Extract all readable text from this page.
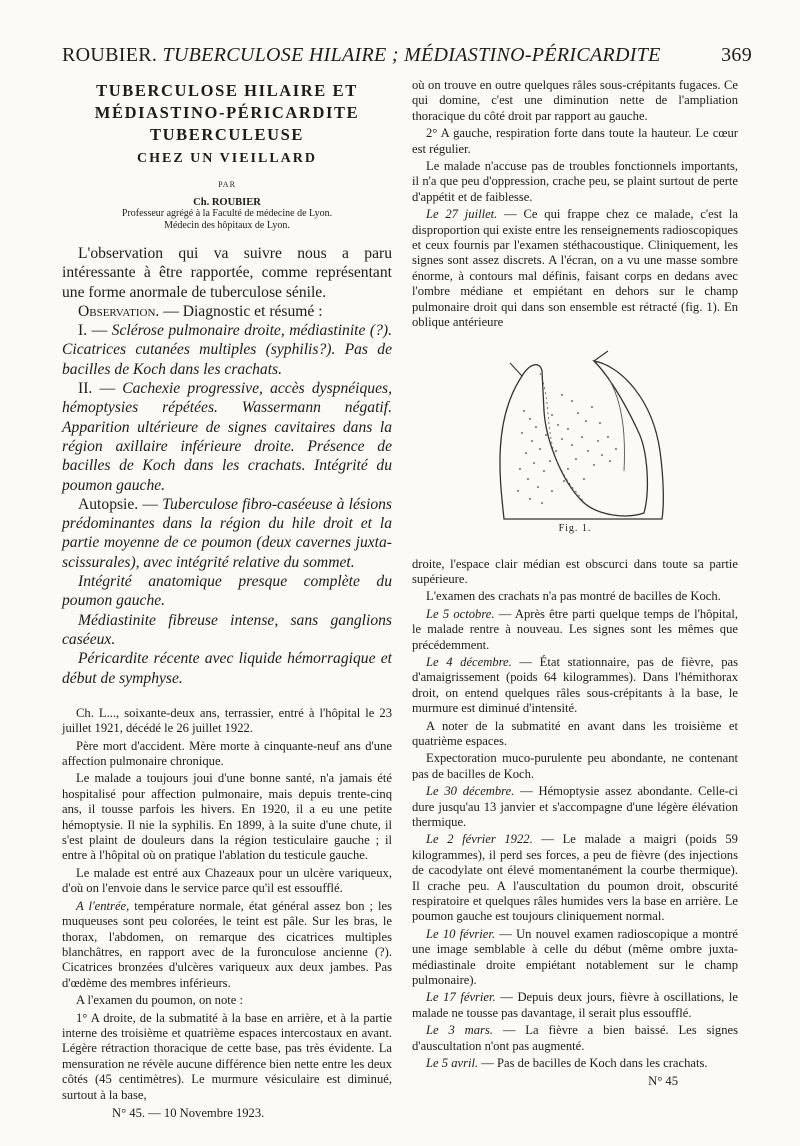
ROUBIER. TUBERCULOSE HILAIRE ; MÉDIASTINO-PÉRICARDITE	369
TUBERCULOSE HILAIRE ET
MÉDIASTINO-PÉRICARDITE
TUBERCULEUSE
CHEZ UN VIEILLARD
PAR
Ch. ROUBIER
Professeur agrégé à la Faculté de médecine de Lyon.
Médecin des hôpitaux de Lyon.

L'observation qui va suivre nous a paru intéressante à être rapportée, comme représentant une forme anormale de tuberculose sénile.

Observation. — Diagnostic et résumé :

I. — Sclérose pulmonaire droite, médiastinite (?). Cicatrices cutanées multiples (syphilis?). Pas de bacilles de Koch dans les crachats.

II. — Cachexie progressive, accès dyspnéiques, hémoptysies répétées. Wassermann négatif. Apparition ultérieure de signes cavitaires dans la région axillaire inférieure droite. Présence de bacilles de Koch dans les crachats. Intégrité du poumon gauche.

Autopsie. — Tuberculose fibro-caséeuse à lésions prédominantes dans la région du hile droit et la partie moyenne de ce poumon (deux cavernes juxta-scissurales), avec intégrité relative du sommet.

Intégrité anatomique presque complète du poumon gauche.

Médiastinite fibreuse intense, sans ganglions caséeux.

Péricardite récente avec liquide hémorragique et début de symphyse.

Ch. L..., soixante-deux ans, terrassier, entré à l'hôpital le 23 juillet 1921, décédé le 26 juillet 1922.

Père mort d'accident. Mère morte à cinquante-neuf ans d'une affection pulmonaire chronique.

Le malade a toujours joui d'une bonne santé, n'a jamais été hospitalisé pour affection pulmonaire, mais depuis trente-cinq ans, il tousse parfois les hivers. En 1920, il a eu une petite hémoptysie. Il nie la syphilis. En 1899, à la suite d'une chute, il s'est plaint de douleurs dans la région testiculaire gauche ; il entre à l'hôpital où on pratique l'ablation du testicule gauche.

Le malade est entré aux Chazeaux pour un ulcère variqueux, d'où on l'envoie dans le service parce qu'il est essoufflé.

A l'entrée, température normale, état général assez bon ; les muqueuses sont peu colorées, le teint est pâle. Sur les bras, le thorax, l'abdomen, on remarque des cicatrices multiples blanchâtres, en rapport avec de la furonculose ancienne (?). Cicatrices bronzées d'ulcères variqueux aux deux jambes. Pas d'œdème des membres inférieurs.

A l'examen du poumon, on note :

1° A droite, de la submatité à la base en arrière, et à la partie interne des troisième et quatrième espaces intercostaux en avant. Légère rétraction thoracique de cette base, pas très évidente. La mensuration ne révèle aucune différence bien nette entre les deux côtés (45 centimètres). Le murmure vésiculaire est diminué, surtout à la base,

N° 45. — 10 Novembre 1923.

où on trouve en outre quelques râles sous-crépitants fugaces. Ce qui domine, c'est une diminution nette de l'ampliation thoracique du côté droit par rapport au gauche.

2° A gauche, respiration forte dans toute la hauteur. Le cœur est régulier.

Le malade n'accuse pas de troubles fonctionnels importants, il n'a que peu d'oppression, crache peu, se plaint surtout de perte d'appétit et de faiblesse.

Le 27 juillet. — Ce qui frappe chez ce malade, c'est la disproportion qui existe entre les renseignements radioscopiques et ceux fournis par l'examen stéthacoustique. Cliniquement, les signes sont assez discrets. A l'écran, on a vu une masse sombre énorme, à contours mal définis, faisant corps en dedans avec l'ombre médiane et empiétant en dehors sur le champ pulmonaire droit qui dans son ensemble est rétracté (fig. 1). En oblique antérieure

Fig. 1.

droite, l'espace clair médian est obscurci dans toute sa partie supérieure.

L'examen des crachats n'a pas montré de bacilles de Koch.

Le 5 octobre. — Après être parti quelque temps de l'hôpital, le malade rentre à nouveau. Les signes sont les mêmes que précédemment.

Le 4 décembre. — État stationnaire, pas de fièvre, pas d'amaigrissement (poids 64 kilogrammes). Dans l'hémithorax droit, on entend quelques râles sous-crépitants à la base, le murmure est diminué d'intensité.

A noter de la submatité en avant dans les troisième et quatrième espaces.

Expectoration muco-purulente peu abondante, ne contenant pas de bacilles de Koch.

Le 30 décembre. — Hémoptysie assez abondante. Celle-ci dure jusqu'au 13 janvier et s'accompagne d'une légère élévation thermique.

Le 2 février 1922. — Le malade a maigri (poids 59 kilogrammes), il perd ses forces, a peu de fièvre (des injections de cacodylate ont élevé momentanément la courbe thermique). Il crache peu. A l'auscultation du poumon droit, obscurité respiratoire et quelques râles humides vers la base en arrière. Le poumon gauche est toujours cliniquement normal.

Le 10 février. — Un nouvel examen radioscopique a montré une image semblable à celle du début (même ombre juxta-médiastinale droite empiétant notablement sur le champ pulmonaire).

Le 17 février. — Depuis deux jours, fièvre à oscillations, le malade ne tousse pas davantage, il serait plus essoufflé.

Le 3 mars. — La fièvre a bien baissé. Les signes d'auscultation n'ont pas augmenté.

Le 5 avril. — Pas de bacilles de Koch dans les crachats.

N° 45
